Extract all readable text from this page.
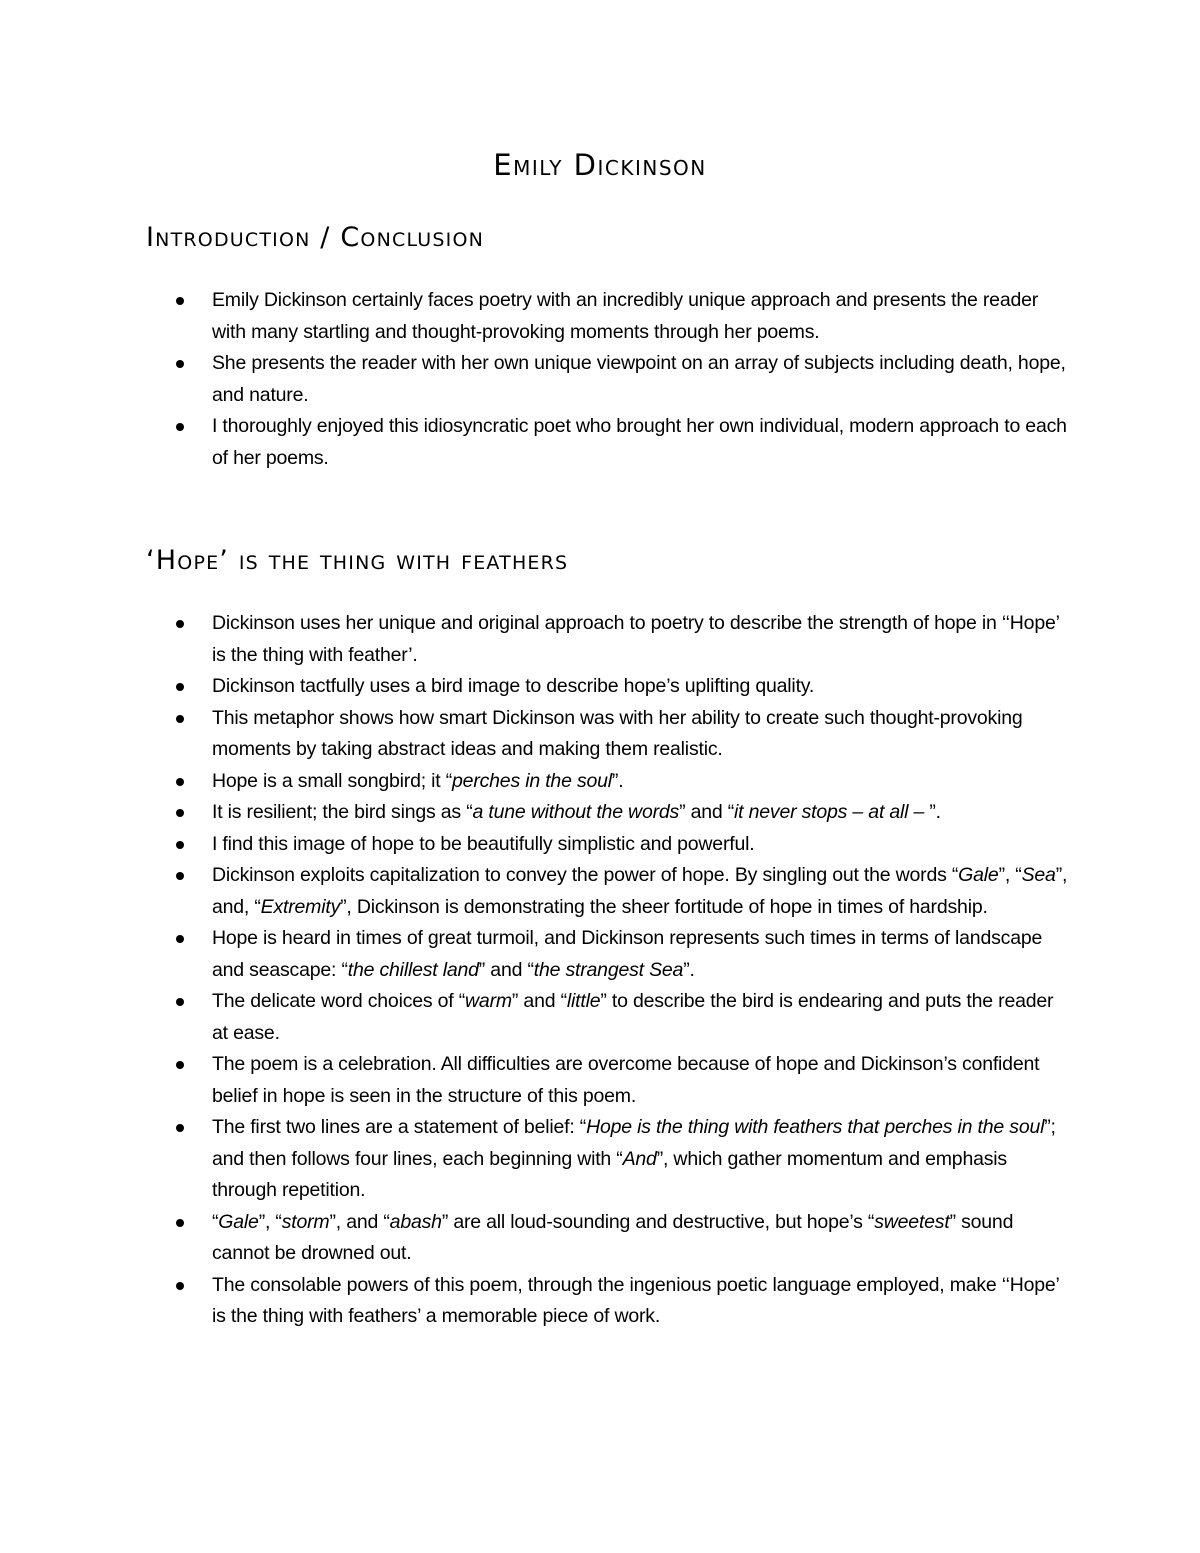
Emily Dickinson
Introduction / Conclusion
Emily Dickinson certainly faces poetry with an incredibly unique approach and presents the reader with many startling and thought-provoking moments through her poems.
She presents the reader with her own unique viewpoint on an array of subjects including death, hope, and nature.
I thoroughly enjoyed this idiosyncratic poet who brought her own individual, modern approach to each of her poems.
‘Hope’ is the thing with feathers
Dickinson uses her unique and original approach to poetry to describe the strength of hope in ‘‘Hope’ is the thing with feather’.
Dickinson tactfully uses a bird image to describe hope’s uplifting quality.
This metaphor shows how smart Dickinson was with her ability to create such thought-provoking moments by taking abstract ideas and making them realistic.
Hope is a small songbird; it “perches in the soul”.
It is resilient; the bird sings as “a tune without the words” and “it never stops – at all – ”.
I find this image of hope to be beautifully simplistic and powerful.
Dickinson exploits capitalization to convey the power of hope. By singling out the words “Gale”, “Sea”, and, “Extremity”, Dickinson is demonstrating the sheer fortitude of hope in times of hardship.
Hope is heard in times of great turmoil, and Dickinson represents such times in terms of landscape and seascape: “the chillest land” and “the strangest Sea”.
The delicate word choices of “warm” and “little” to describe the bird is endearing and puts the reader at ease.
The poem is a celebration. All difficulties are overcome because of hope and Dickinson’s confident belief in hope is seen in the structure of this poem.
The first two lines are a statement of belief: “Hope is the thing with feathers that perches in the soul”; and then follows four lines, each beginning with “And”, which gather momentum and emphasis through repetition.
“Gale”, “storm”, and “abash” are all loud-sounding and destructive, but hope’s “sweetest” sound cannot be drowned out.
The consolable powers of this poem, through the ingenious poetic language employed, make ‘‘Hope’ is the thing with feathers’ a memorable piece of work.
